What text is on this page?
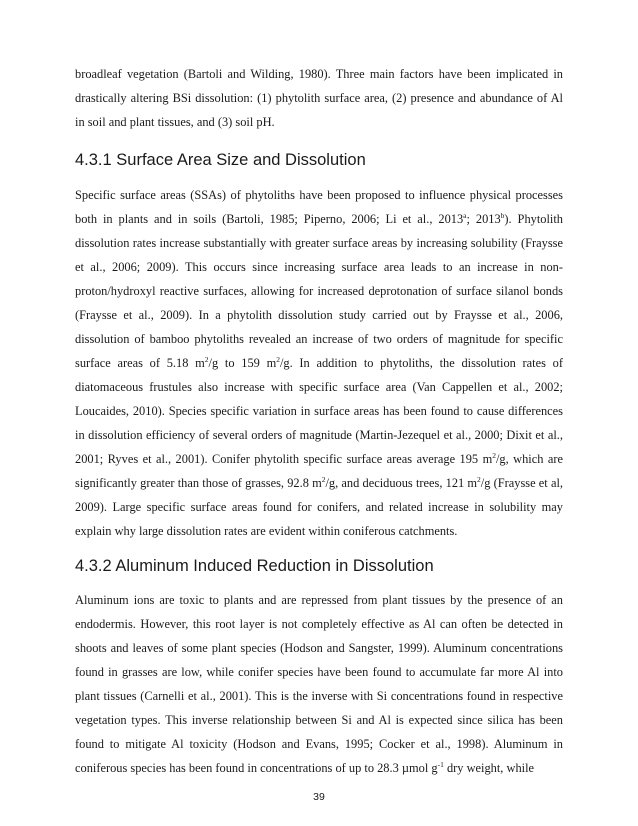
broadleaf vegetation (Bartoli and Wilding, 1980). Three main factors have been implicated in drastically altering BSi dissolution: (1) phytolith surface area, (2) presence and abundance of Al in soil and plant tissues, and (3) soil pH.

4.3.1 Surface Area Size and Dissolution

Specific surface areas (SSAs) of phytoliths have been proposed to influence physical processes both in plants and in soils (Bartoli, 1985; Piperno, 2006; Li et al., 2013$^a$; 2013$^b$). Phytolith dissolution rates increase substantially with greater surface areas by increasing solubility (Fraysse et al., 2006; 2009). This occurs since increasing surface area leads to an increase in non-proton/hydroxyl reactive surfaces, allowing for increased deprotonation of surface silanol bonds (Fraysse et al., 2009). In a phytolith dissolution study carried out by Fraysse et al., 2006, dissolution of bamboo phytoliths revealed an increase of two orders of magnitude for specific surface areas of 5.18 $m^2/g$ to 159 $m^2/g$. In addition to phytoliths, the dissolution rates of diatomaceous frustules also increase with specific surface area (Van Cappellen et al., 2002; Loucaides, 2010). Species specific variation in surface areas has been found to cause differences in dissolution efficiency of several orders of magnitude (Martin-Jezequel et al., 2000; Dixit et al., 2001; Ryves et al., 2001). Conifer phytolith specific surface areas average 195 $m^2/g$, which are significantly greater than those of grasses, 92.8 $m^2/g$, and deciduous trees, 121 $m^2/g$ (Fraysse et al, 2009). Large specific surface areas found for conifers, and related increase in solubility may explain why large dissolution rates are evident within coniferous catchments.

4.3.2 Aluminum Induced Reduction in Dissolution

Aluminum ions are toxic to plants and are repressed from plant tissues by the presence of an endodermis. However, this root layer is not completely effective as Al can often be detected in shoots and leaves of some plant species (Hodson and Sangster, 1999). Aluminum concentrations found in grasses are low, while conifer species have been found to accumulate far more Al into plant tissues (Carnelli et al., 2001). This is the inverse with Si concentrations found in respective vegetation types. This inverse relationship between Si and Al is expected since silica has been found to mitigate Al toxicity (Hodson and Evans, 1995; Cocker et al., 1998). Aluminum in coniferous species has been found in concentrations of up to 28.3 µmol $g^{-1}$ dry weight, while

39
